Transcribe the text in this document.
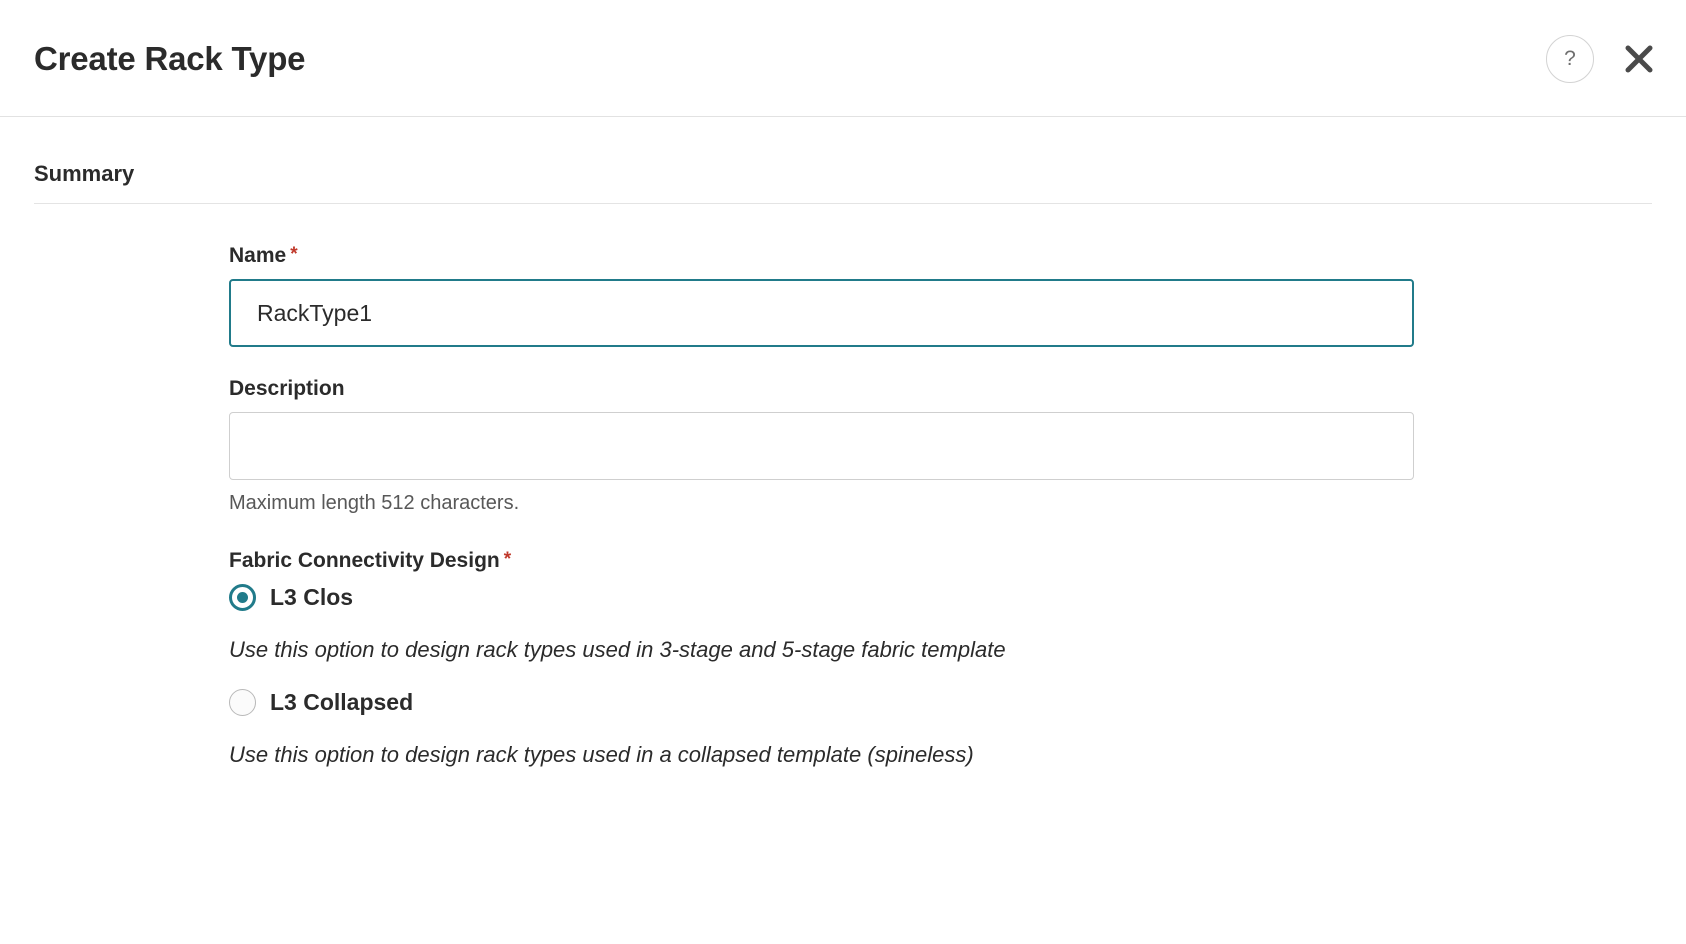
Create Rack Type	?
Summary
Name *
RackType1
Description
Maximum length 512 characters.
Fabric Connectivity Design *
L3 Clos
Use this option to design rack types used in 3-stage and 5-stage fabric template
L3 Collapsed
Use this option to design rack types used in a collapsed template (spineless)
